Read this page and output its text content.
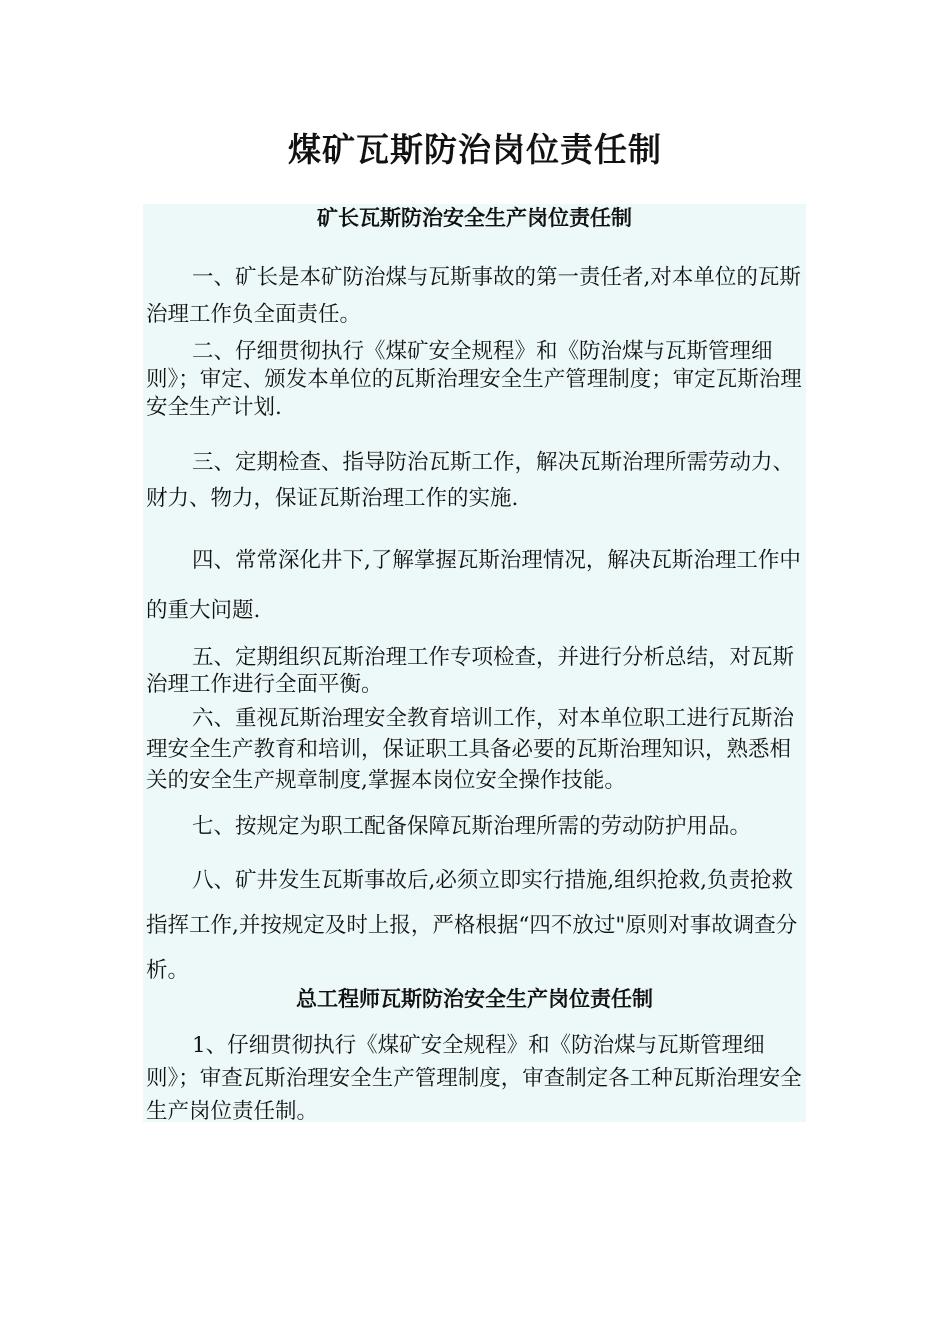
煤矿瓦斯防治岗位责任制
矿长瓦斯防治安全生产岗位责任制

一、矿长是本矿防治煤与瓦斯事故的第一责任者,对本单位的瓦斯治理工作负全面责任。

二、仔细贯彻执行《煤矿安全规程》和《防治煤与瓦斯管理细则》；审定、颁发本单位的瓦斯治理安全生产管理制度；审定瓦斯治理安全生产计划.

三、定期检查、指导防治瓦斯工作，解决瓦斯治理所需劳动力、财力、物力，保证瓦斯治理工作的实施.

四、常常深化井下,了解掌握瓦斯治理情况，解决瓦斯治理工作中的重大问题.

五、定期组织瓦斯治理工作专项检查，并进行分析总结，对瓦斯治理工作进行全面平衡。

六、重视瓦斯治理安全教育培训工作，对本单位职工进行瓦斯治理安全生产教育和培训，保证职工具备必要的瓦斯治理知识，熟悉相关的安全生产规章制度,掌握本岗位安全操作技能。

七、按规定为职工配备保障瓦斯治理所需的劳动防护用品。

八、矿井发生瓦斯事故后,必须立即实行措施,组织抢救,负责抢救指挥工作,并按规定及时上报，严格根据“四不放过"原则对事故调查分析。

总工程师瓦斯防治安全生产岗位责任制

1、仔细贯彻执行《煤矿安全规程》和《防治煤与瓦斯管理细则》；审查瓦斯治理安全生产管理制度，审查制定各工种瓦斯治理安全生产岗位责任制。
